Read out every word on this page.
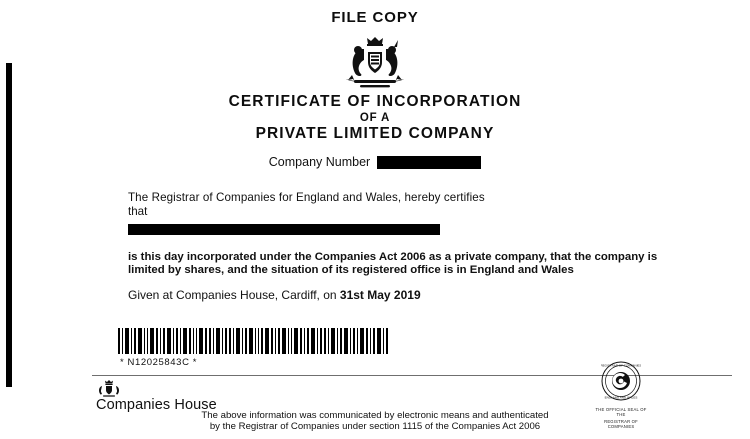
FILE COPY
CERTIFICATE OF INCORPORATION
OF A
PRIVATE LIMITED COMPANY
Company Number
The Registrar of Companies for England and Wales, hereby certifies
that
is this day incorporated under the Companies Act 2006 as a private company, that the company is limited by shares, and the situation of its registered office is in England and Wales
Given at Companies House, Cardiff, on 31st May 2019
* N12025843C *
Companies House
REGISTRAR OF COMPANIES
ENGLAND AND WALES
THE OFFICIAL SEAL OF THE
REGISTRAR OF COMPANIES
The above information was communicated by electronic means and authenticated
by the Registrar of Companies under section 1115 of the Companies Act 2006
